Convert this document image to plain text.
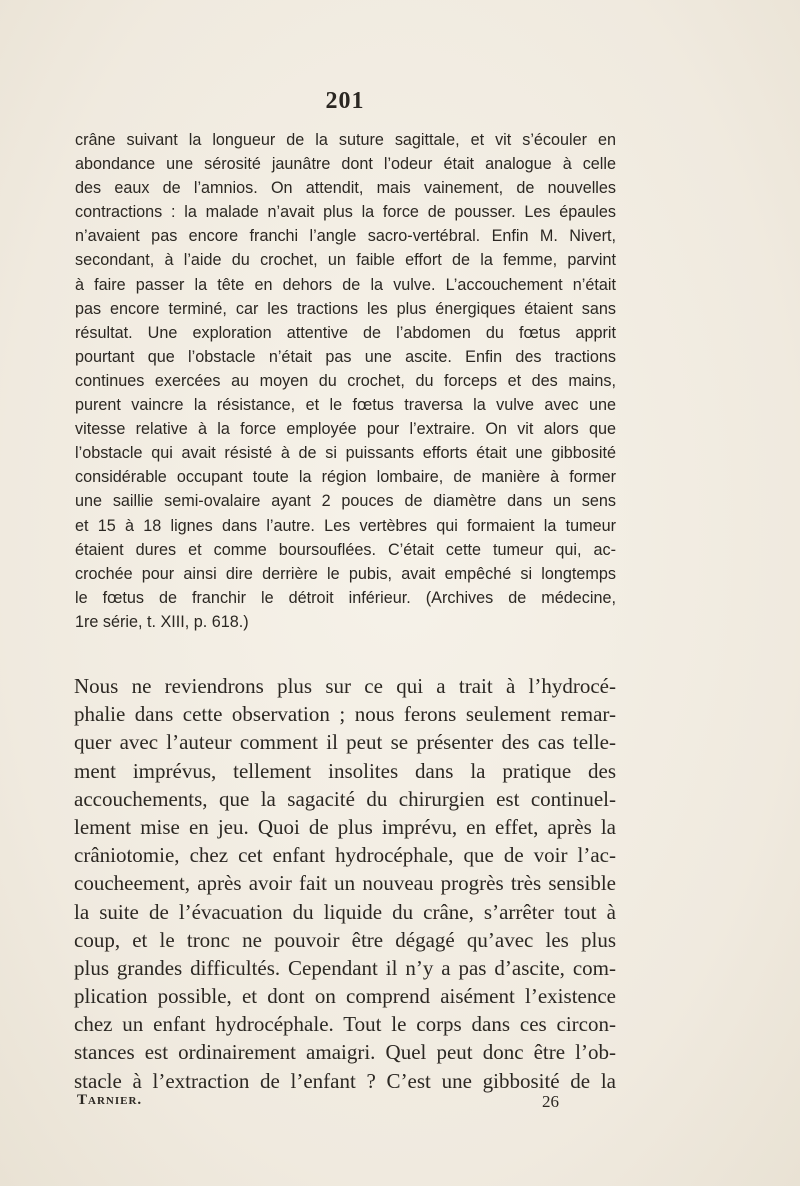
201
crâne suivant la longueur de la suture sagittale, et vit s’écouler en
abondance une sérosité jaunâtre dont l’odeur était analogue à celle
des eaux de l’amnios. On attendit, mais vainement, de nouvelles
contractions : la malade n’avait plus la force de pousser. Les épaules
n’avaient pas encore franchi l’angle sacro-vertébral. Enfin M. Nivert,
secondant, à l’aide du crochet, un faible effort de la femme, parvint
à faire passer la tête en dehors de la vulve. L’accouchement n’était
pas encore terminé, car les tractions les plus énergiques étaient sans
résultat. Une exploration attentive de l’abdomen du fœtus apprit
pourtant que l’obstacle n’était pas une ascite. Enfin des tractions
continues exercées au moyen du crochet, du forceps et des mains,
purent vaincre la résistance, et le fœtus traversa la vulve avec une
vitesse relative à la force employée pour l’extraire. On vit alors que
l’obstacle qui avait résisté à de si puissants efforts était une gibbosité
considérable occupant toute la région lombaire, de manière à former
une saillie semi-ovalaire ayant 2 pouces de diamètre dans un sens
et 15 à 18 lignes dans l’autre. Les vertèbres qui formaient la tumeur
étaient dures et comme boursouflées. C’était cette tumeur qui, ac-
crochée pour ainsi dire derrière le pubis, avait empêché si longtemps
le fœtus de franchir le détroit inférieur. (Archives de médecine,
1re série, t. XIII, p. 618.)
Nous ne reviendrons plus sur ce qui a trait à l’hydrocé-
phalie dans cette observation ; nous ferons seulement remar-
quer avec l’auteur comment il peut se présenter des cas telle-
ment imprévus, tellement insolites dans la pratique des
accouchements, que la sagacité du chirurgien est continuel-
lement mise en jeu. Quoi de plus imprévu, en effet, après la
crâniotomie, chez cet enfant hydrocéphale, que de voir l’ac-
coucheement, après avoir fait un nouveau progrès très sensible
la suite de l’évacuation du liquide du crâne, s’arrêter tout à
coup, et le tronc ne pouvoir être dégagé qu’avec les plus
plus grandes difficultés. Cependant il n’y a pas d’ascite, com-
plication possible, et dont on comprend aisément l’existence
chez un enfant hydrocéphale. Tout le corps dans ces circon-
stances est ordinairement amaigri. Quel peut donc être l’ob-
stacle à l’extraction de l’enfant ? C’est une gibbosité de la
Tarnier.	26
